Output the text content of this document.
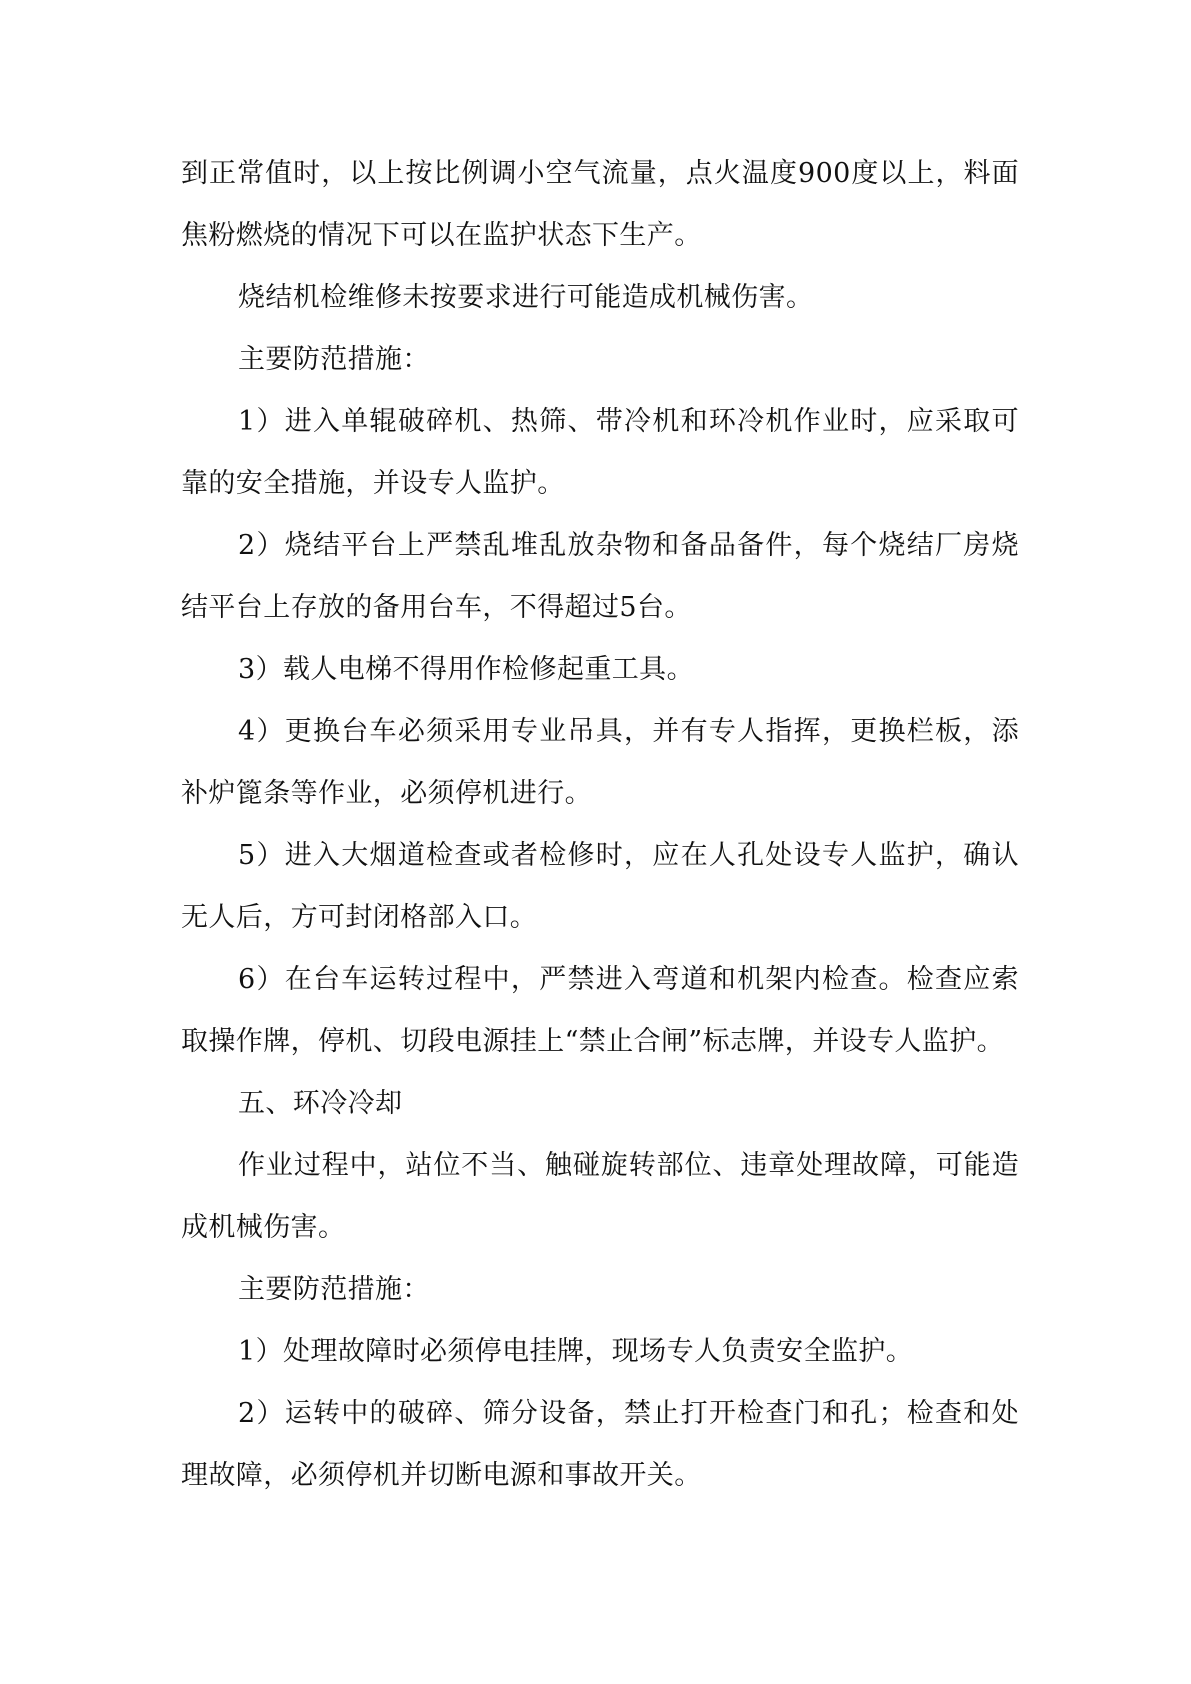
到正常值时，以上按比例调小空气流量，点火温度900度以上，料面焦粉燃烧的情况下可以在监护状态下生产。

烧结机检维修未按要求进行可能造成机械伤害。

主要防范措施：

1）进入单辊破碎机、热筛、带冷机和环冷机作业时，应采取可靠的安全措施，并设专人监护。

2）烧结平台上严禁乱堆乱放杂物和备品备件，每个烧结厂房烧结平台上存放的备用台车，不得超过5台。

3）载人电梯不得用作检修起重工具。

4）更换台车必须采用专业吊具，并有专人指挥，更换栏板，添补炉篦条等作业，必须停机进行。

5）进入大烟道检查或者检修时，应在人孔处设专人监护，确认无人后，方可封闭格部入口。

6）在台车运转过程中，严禁进入弯道和机架内检查。检查应索取操作牌，停机、切段电源挂上“禁止合闸”标志牌，并设专人监护。

五、环冷冷却

作业过程中，站位不当、触碰旋转部位、违章处理故障，可能造成机械伤害。

主要防范措施：

1）处理故障时必须停电挂牌，现场专人负责安全监护。

2）运转中的破碎、筛分设备，禁止打开检查门和孔；检查和处理故障，必须停机并切断电源和事故开关。
